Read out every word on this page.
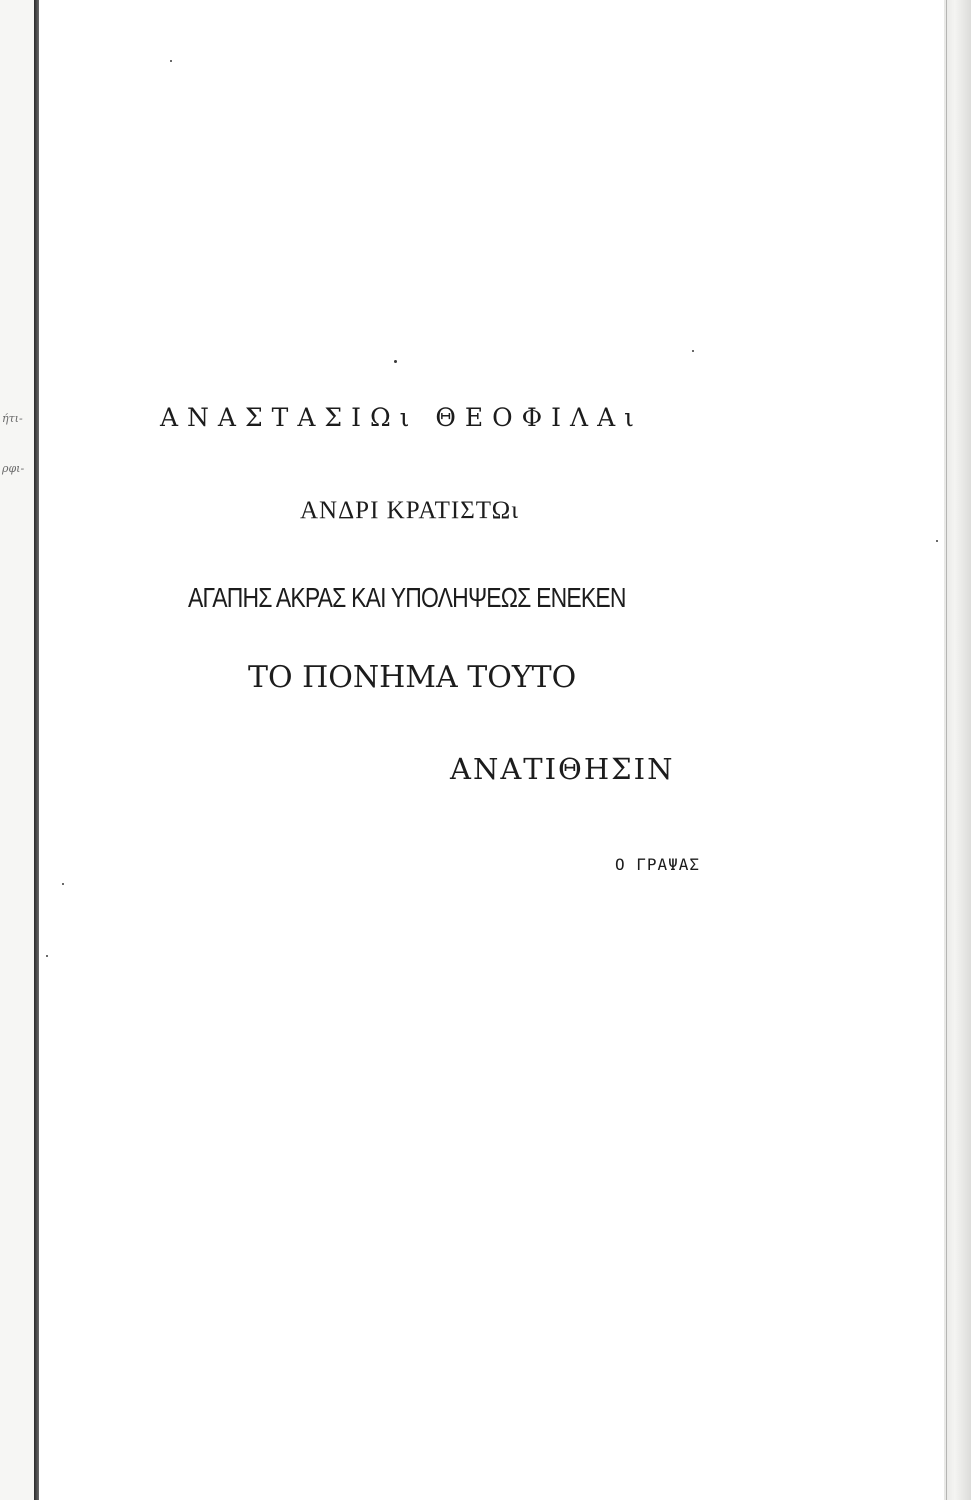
ήτι-
ρφι-

ΑΝΑΣΤΑΣΙΩι ΘΕΟΦΙΛΑι

ΑΝΔΡΙ ΚΡΑΤΙΣΤΩι

ΑΓΑΠΗΣ ΑΚΡΑΣ ΚΑΙ ΥΠΟΛΗΨΕΩΣ ΕΝΕΚΕΝ

ΤΟ ΠΟΝΗΜΑ ΤΟΥΤΟ

ΑΝΑΤΙΘΗΣΙΝ

Ο ΓΡΑΨΑΣ
